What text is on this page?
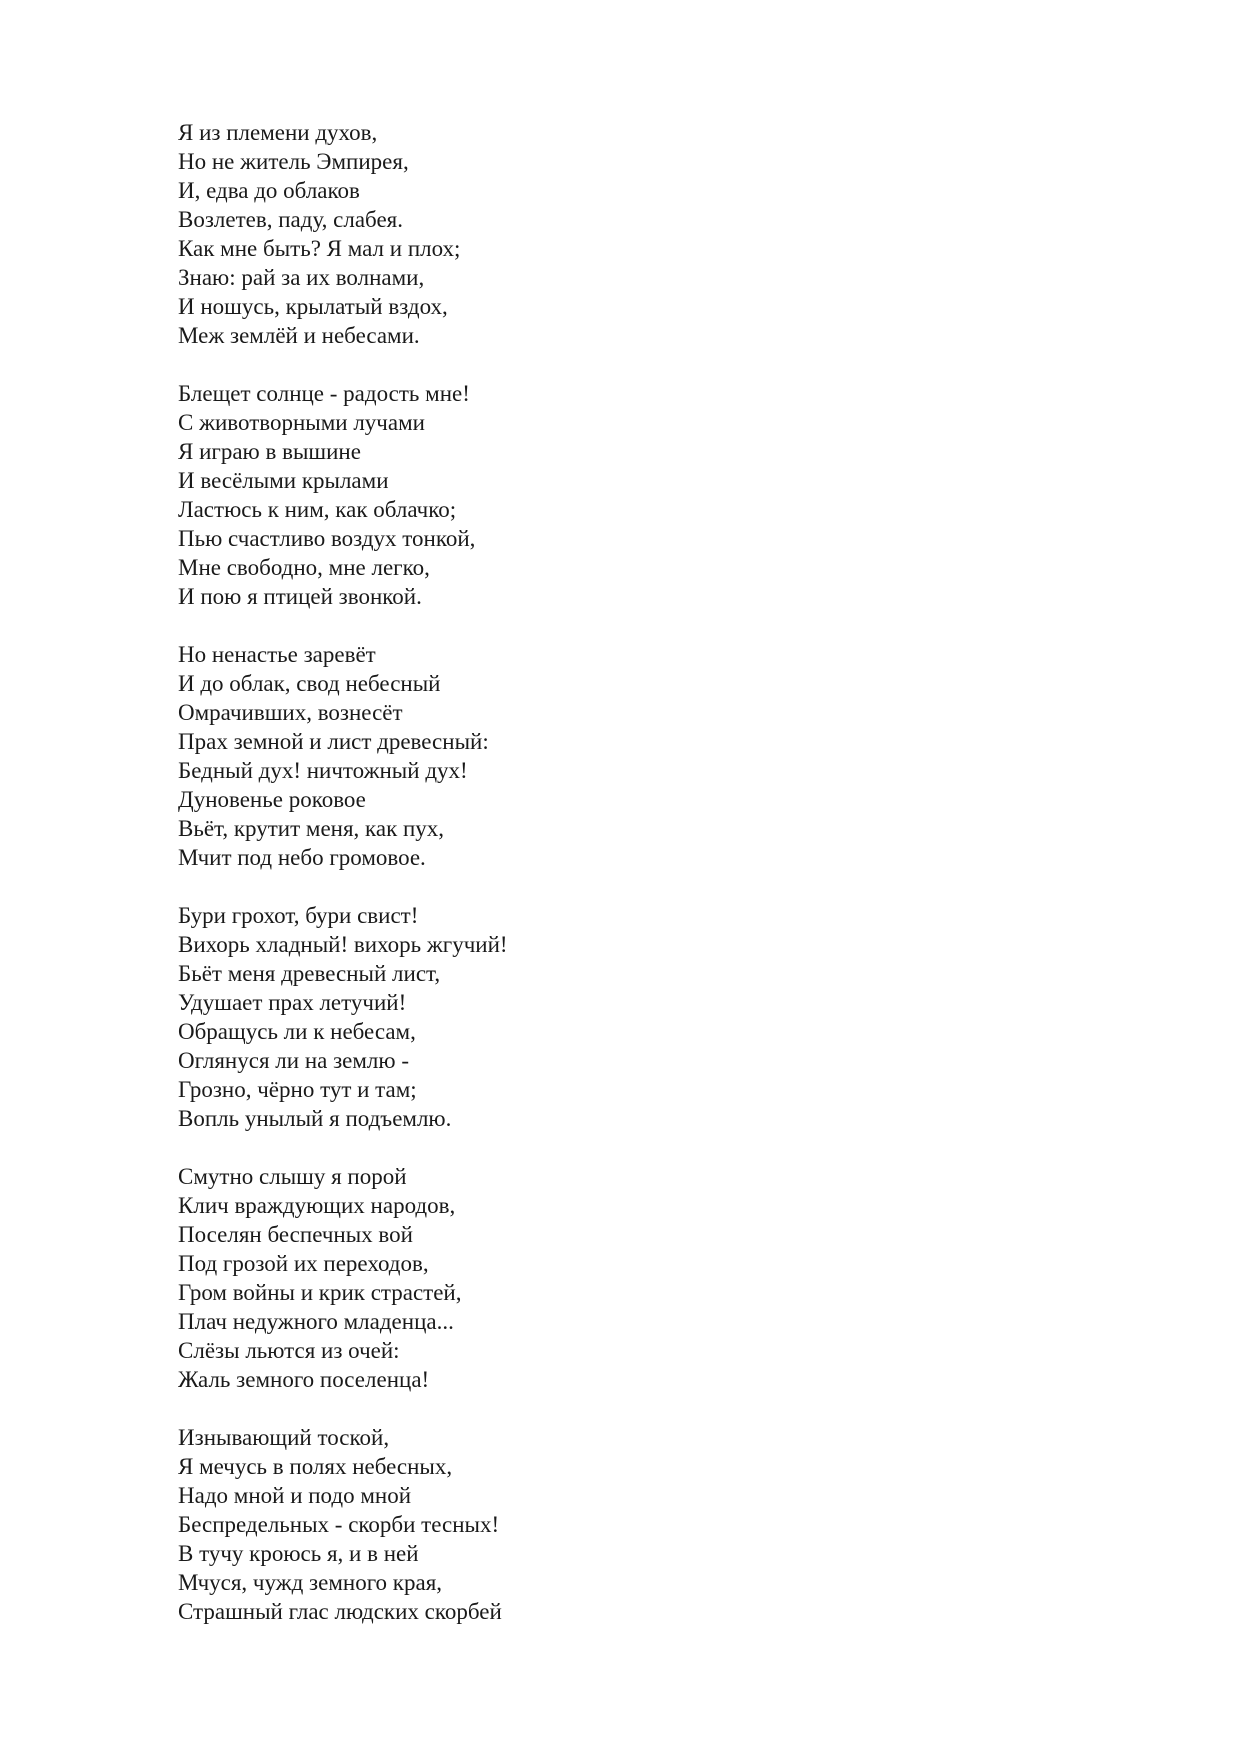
Я из племени духов,
Но не житель Эмпирея,
И, едва до облаков
Возлетев, паду, слабея.
Как мне быть? Я мал и плох;
Знаю: рай за их волнами,
И ношусь, крылатый вздох,
Меж землёй и небесами.
Блещет солнце - радость мне!
С животворными лучами
Я играю в вышине
И весёлыми крылами
Ластюсь к ним, как облачко;
Пью счастливо воздух тонкой,
Мне свободно, мне легко,
И пою я птицей звонкой.
Но ненастье заревёт
И до облак, свод небесный
Омрачивших, вознесёт
Прах земной и лист древесный:
Бедный дух! ничтожный дух!
Дуновенье роковое
Вьёт, крутит меня, как пух,
Мчит под небо громовое.
Бури грохот, бури свист!
Вихорь хладный! вихорь жгучий!
Бьёт меня древесный лист,
Удушает прах летучий!
Обращусь ли к небесам,
Оглянуся ли на землю -
Грозно, чёрно тут и там;
Вопль унылый я подъемлю.
Смутно слышу я порой
Клич враждующих народов,
Поселян беспечных вой
Под грозой их переходов,
Гром войны и крик страстей,
Плач недужного младенца...
Слёзы льются из очей:
Жаль земного поселенца!
Изнывающий тоской,
Я мечусь в полях небесных,
Надо мной и подо мной
Беспредельных - скорби тесных!
В тучу кроюсь я, и в ней
Мчуся, чужд земного края,
Страшный глас людских скорбей
